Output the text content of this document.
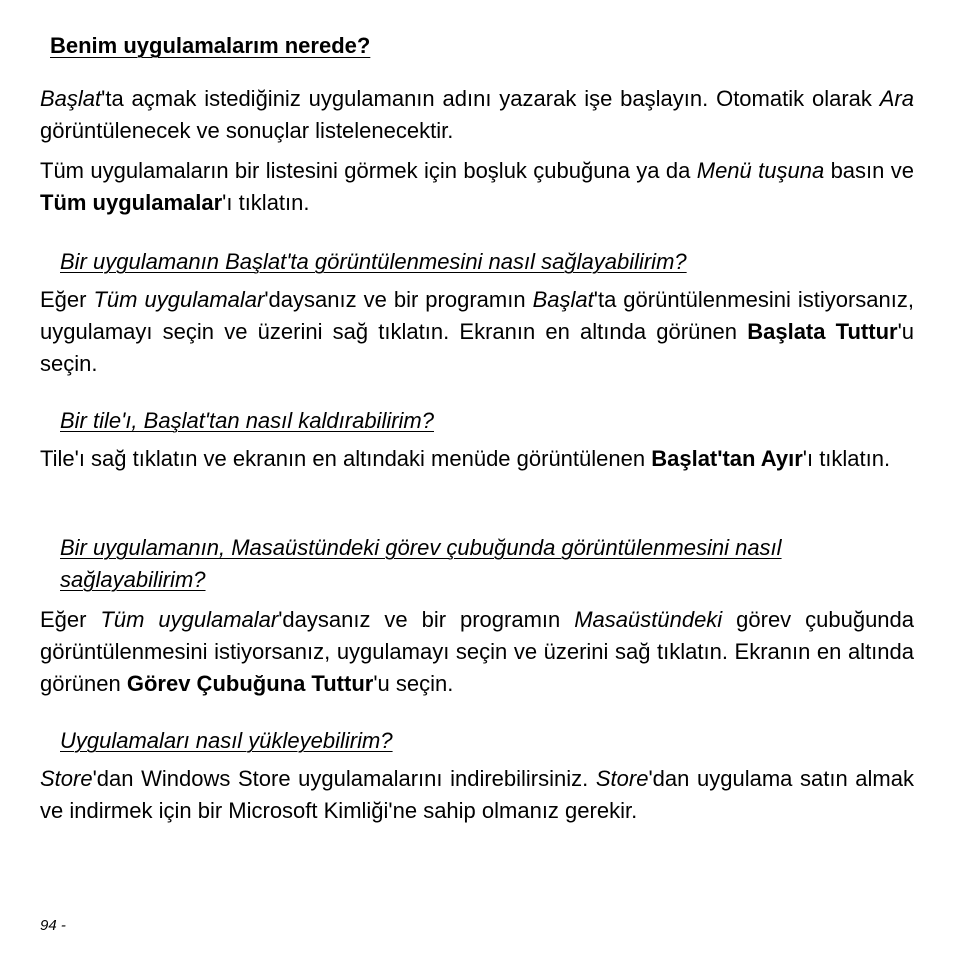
Benim uygulamalarım nerede?

Başlat'ta açmak istediğiniz uygulamanın adını yazarak işe başlayın. Otomatik olarak Ara görüntülenecek ve sonuçlar listelenecektir.

Tüm uygulamaların bir listesini görmek için boşluk çubuğuna ya da Menü tuşuna basın ve Tüm uygulamalar'ı tıklatın.

Bir uygulamanın Başlat'ta görüntülenmesini nasıl sağlayabilirim?

Eğer Tüm uygulamalar'daysanız ve bir programın Başlat'ta görüntülenmesini istiyorsanız, uygulamayı seçin ve üzerini sağ tıklatın. Ekranın en altında görünen Başlata Tuttur'u seçin.

Bir tile'ı, Başlat'tan nasıl kaldırabilirim?

Tile'ı sağ tıklatın ve ekranın en altındaki menüde görüntülenen Başlat'tan Ayır'ı tıklatın.

Bir uygulamanın, Masaüstündeki görev çubuğunda görüntülenmesini nasıl sağlayabilirim?

Eğer Tüm uygulamalar'daysanız ve bir programın Masaüstündeki görev çubuğunda görüntülenmesini istiyorsanız, uygulamayı seçin ve üzerini sağ tıklatın. Ekranın en altında görünen Görev Çubuğuna Tuttur'u seçin.

Uygulamaları nasıl yükleyebilirim?

Store'dan Windows Store uygulamalarını indirebilirsiniz. Store'dan uygulama satın almak ve indirmek için bir Microsoft Kimliği'ne sahip olmanız gerekir.

94 -
